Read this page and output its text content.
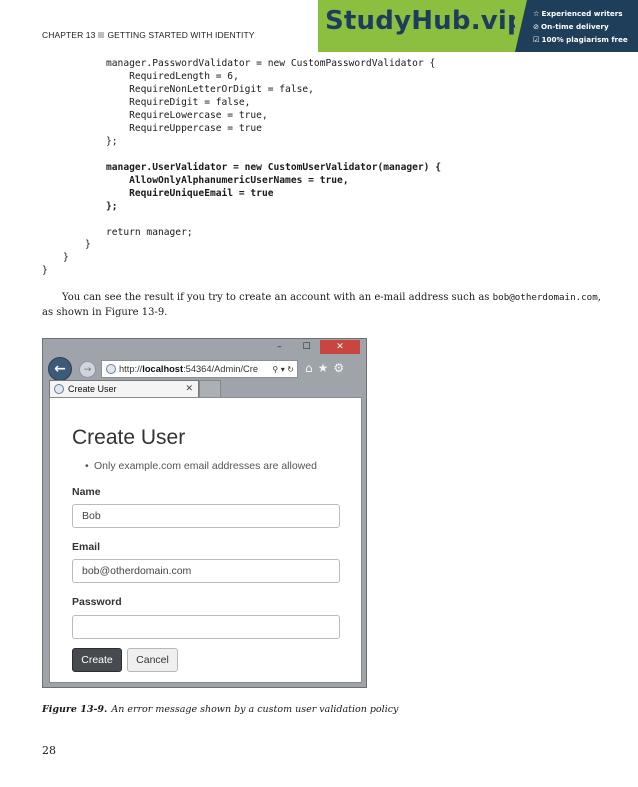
CHAPTER 13 GETTING STARTED WITH IDENTITY	StudyHub.vip ☆ Experienced writers
⊘ On-time delivery
☑ 100% plagiarism free
manager.PasswordValidator = new CustomPasswordValidator {
RequiredLength = 6,
RequireNonLetterOrDigit = false,
RequireDigit = false,
RequireLowercase = true,
RequireUppercase = true
};
manager.UserValidator = new CustomUserValidator(manager) {
AllowOnlyAlphanumericUserNames = true,
RequireUniqueEmail = true
};
return manager;
}
}
}
You can see the result if you try to create an account with an e-mail address such as bob@otherdomain.com,
as shown in Figure 13-9.
–	☐	✕
← →	http:// localhost :54364/Admin/Cre ⚲ ▾ ↻ ⌂★⚙
Create User	✕
Create User
• Only example.com email addresses are allowed
Name
Bob
Email
bob@otherdomain.com
Password
Create	Cancel
Figure 13-9. An error message shown by a custom user validation policy
28
